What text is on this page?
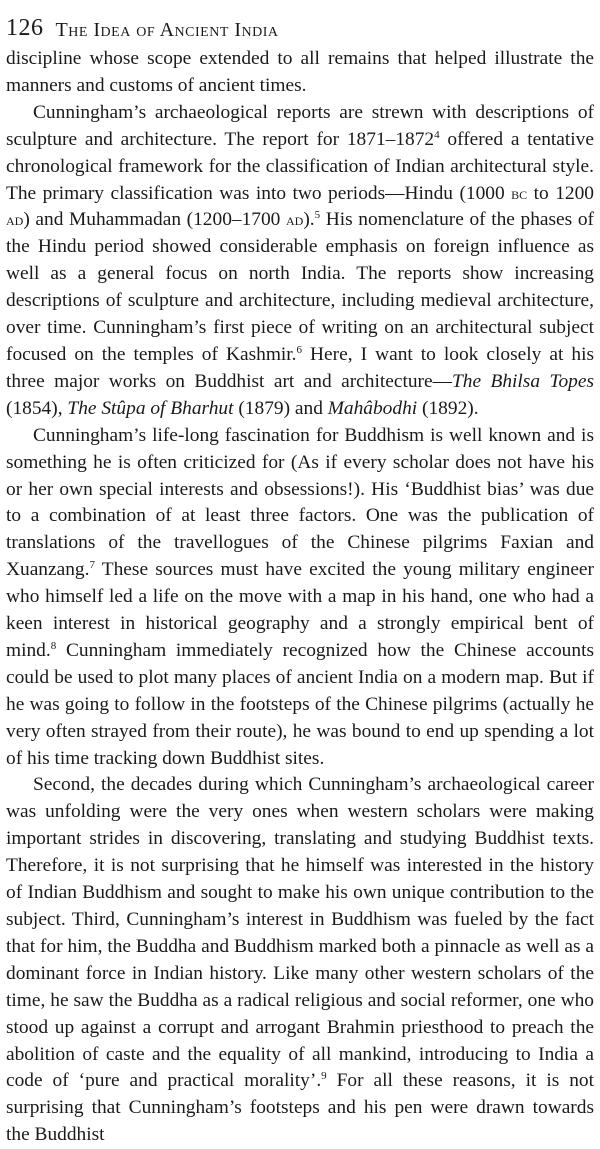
126 The Idea of Ancient India

discipline whose scope extended to all remains that helped illustrate the manners and customs of ancient times.

Cunningham’s archaeological reports are strewn with descriptions of sculpture and architecture. The report for 1871–1872$^4$ offered a tentative chronological framework for the classification of Indian architectural style. The primary classification was into two periods—Hindu (1000 bc to 1200 ad) and Muhammadan (1200–1700 ad).$^5$ His nomenclature of the phases of the Hindu period showed considerable emphasis on foreign influence as well as a general focus on north India. The reports show increasing descriptions of sculpture and architecture, including medieval architecture, over time. Cunningham’s first piece of writing on an architectural subject focused on the temples of Kashmir.$^6$ Here, I want to look closely at his three major works on Buddhist art and architecture—The Bhilsa Topes (1854), The Stûpa of Bharhut (1879) and Mahâbodhi (1892).

Cunningham’s life-long fascination for Buddhism is well known and is something he is often criticized for (As if every scholar does not have his or her own special interests and obsessions!). His ‘Buddhist bias’ was due to a combination of at least three factors. One was the publication of translations of the travellogues of the Chinese pilgrims Faxian and Xuanzang.$^7$ These sources must have excited the young military engineer who himself led a life on the move with a map in his hand, one who had a keen interest in historical geography and a strongly empirical bent of mind.$^8$ Cunningham immediately recognized how the Chinese accounts could be used to plot many places of ancient India on a modern map. But if he was going to follow in the footsteps of the Chinese pilgrims (actually he very often strayed from their route), he was bound to end up spending a lot of his time tracking down Buddhist sites.

Second, the decades during which Cunningham’s archaeological career was unfolding were the very ones when western scholars were making important strides in discovering, translating and studying Buddhist texts. Therefore, it is not surprising that he himself was interested in the history of Indian Buddhism and sought to make his own unique contribution to the subject. Third, Cunningham’s interest in Buddhism was fueled by the fact that for him, the Buddha and Buddhism marked both a pinnacle as well as a dominant force in Indian history. Like many other western scholars of the time, he saw the Buddha as a radical religious and social reformer, one who stood up against a corrupt and arrogant Brahmin priesthood to preach the abolition of caste and the equality of all mankind, introducing to India a code of ‘pure and practical morality’.$^9$ For all these reasons, it is not surprising that Cunningham’s footsteps and his pen were drawn towards the Buddhist
